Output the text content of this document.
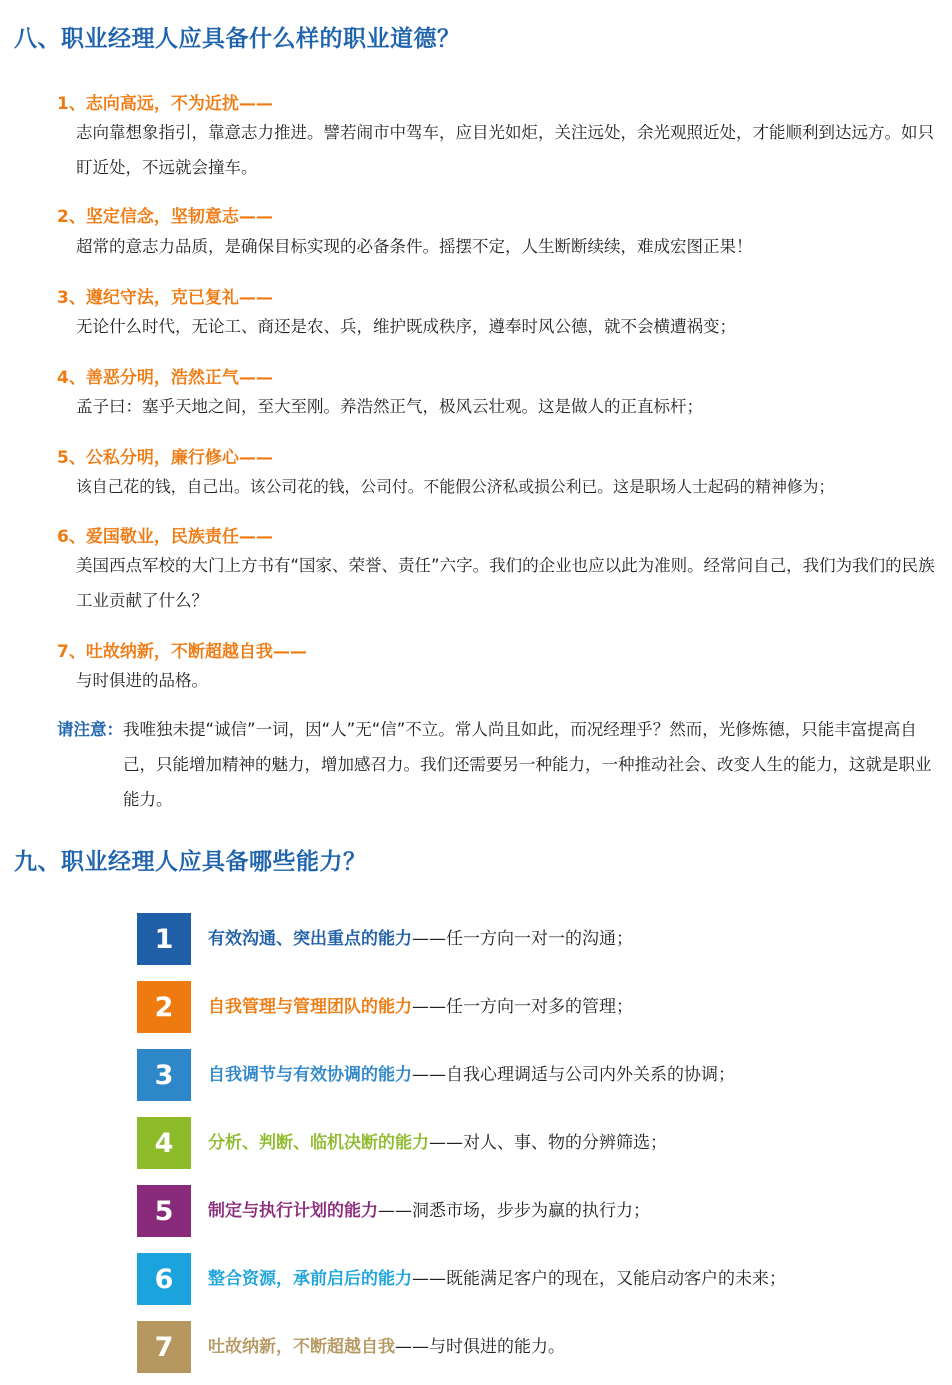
八、职业经理人应具备什么样的职业道德？
1、志向高远，不为近扰——

志向靠想象指引，靠意志力推进。譬若闹市中驾车，应目光如炬，关注远处，余光观照近处，才能顺利到达远方。如只盯近处，不远就会撞车。

2、坚定信念，坚韧意志——

超常的意志力品质，是确保目标实现的必备条件。摇摆不定，人生断断续续，难成宏图正果！

3、遵纪守法，克已复礼——

无论什么时代，无论工、商还是农、兵，维护既成秩序，遵奉时风公德，就不会横遭祸变；

4、善恶分明，浩然正气——

孟子曰：塞乎天地之间，至大至刚。养浩然正气，极风云壮观。这是做人的正直标杆；

5、公私分明，廉行修心——

该自己花的钱，自己出。该公司花的钱，公司付。不能假公济私或损公利已。这是职场人士起码的精神修为；

6、爱国敬业，民族责任——

美国西点军校的大门上方书有“国家、荣誉、责任”六字。我们的企业也应以此为准则。经常问自己，我们为我们的民族工业贡献了什么？

7、吐故纳新，不断超越自我——

与时俱进的品格。

请注意： 我唯独未提“诚信”一词，因“人”无“信”不立。常人尚且如此，而况经理乎？然而，光修炼德，只能丰富提高自己，只能增加精神的魅力，增加感召力。我们还需要另一种能力，一种推动社会、改变人生的能力，这就是职业能力。
九、职业经理人应具备哪些能力？
1	有效沟通、突出重点的能力——任一方向一对一的沟通；
2	自我管理与管理团队的能力——任一方向一对多的管理；
3	自我调节与有效协调的能力——自我心理调适与公司内外关系的协调；
4	分析、判断、临机决断的能力——对人、事、物的分辨筛选；
5	制定与执行计划的能力——洞悉市场，步步为赢的执行力；
6	整合资源，承前启后的能力——既能满足客户的现在，又能启动客户的未来；
7	吐故纳新，不断超越自我——与时俱进的能力。
